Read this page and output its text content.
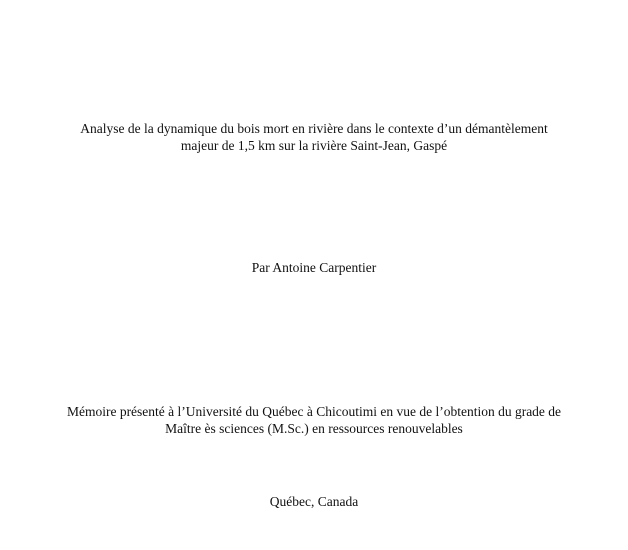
Analyse de la dynamique du bois mort en rivière dans le contexte d’un démantèlement
majeur de 1,5 km sur la rivière Saint-Jean, Gaspé
Par Antoine Carpentier
Mémoire présenté à l’Université du Québec à Chicoutimi en vue de l’obtention du grade de
Maître ès sciences (M.Sc.) en ressources renouvelables
Québec, Canada
